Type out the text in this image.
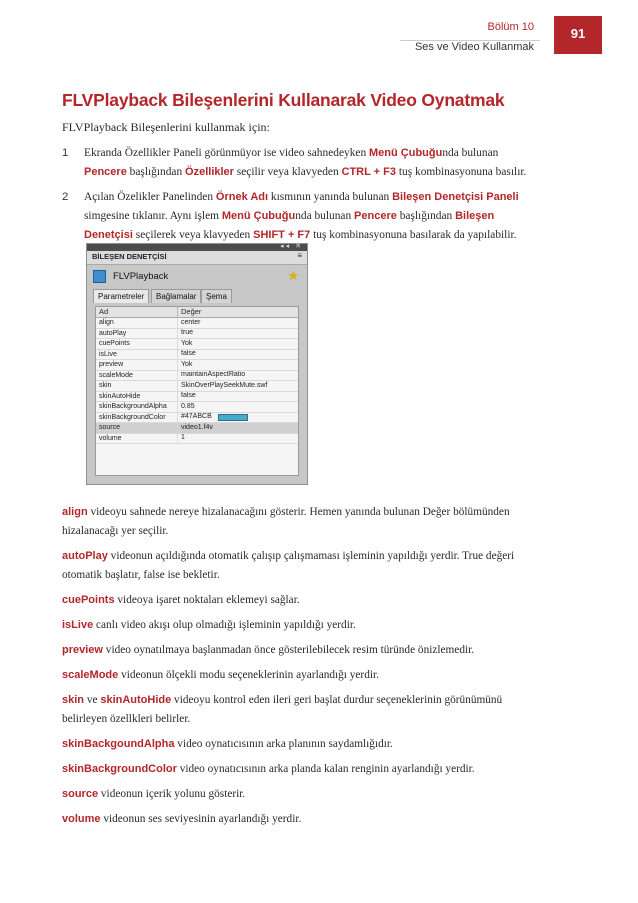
Bölüm 10
Ses ve Video Kullanmak
91
FLVPlayback Bileşenlerini Kullanarak Video Oynatmak
FLVPlayback Bileşenlerini kullanmak için:
1	Ekranda Özellikler Paneli görünmüyor ise video sahnedeyken Menü Çubuğunda bulunan Pencere başlığından Özellikler seçilir veya klavyeden CTRL + F3 tuş kombinasyonuna basılır.
2	Açılan Özelikler Panelinden Örnek Adı kısmının yanında bulunan Bileşen Denetçisi Paneli simgesine tıklanır. Aynı işlem Menü Çubuğunda bulunan Pencere başlığından Bileşen Denetçisi seçilerek veya klavyeden SHIFT + F7 tuş kombinasyonuna basılarak da yapılabilir.
◂◂ ✕
BİLEŞEN DENETÇİSİ	≡
FLVPlayback	★
Parametreler	Bağlamalar	Şema
Ad	Değer
align	center
autoPlay	true
cuePoints	Yok
isLive	false
preview	Yok
scaleMode	maintainAspectRatio
skin	SkinOverPlaySeekMute.swf
skinAutoHide	false
skinBackgroundAlpha	0.85
skinBackgroundColor	#47ABCB
source	video1.f4v
volume	1

align videoyu sahnede nereye hizalanacağını gösterir. Hemen yanında bulunan Değer bölümünden hizalanacağı yer seçilir.

autoPlay videonun açıldığında otomatik çalışıp çalışmaması işleminin yapıldığı yerdir. True değeri otomatik başlatır, false ise bekletir.

cuePoints videoya işaret noktaları eklemeyi sağlar.

isLive canlı video akışı olup olmadığı işleminin yapıldığı yerdir.

preview video oynatılmaya başlanmadan önce gösterilebilecek resim türünde önizlemedir.

scaleMode videonun ölçekli modu seçeneklerinin ayarlandığı yerdir.

skin ve skinAutoHide videoyu kontrol eden ileri geri başlat durdur seçeneklerinin görünümünü belirleyen özellkleri belirler.

skinBackgoundAlpha video oynatıcısının arka planının saydamlığıdır.

skinBackgroundColor video oynatıcısının arka planda kalan renginin ayarlandığı yerdir.

source videonun içerik yolunu gösterir.

volume videonun ses seviyesinin ayarlandığı yerdir.
